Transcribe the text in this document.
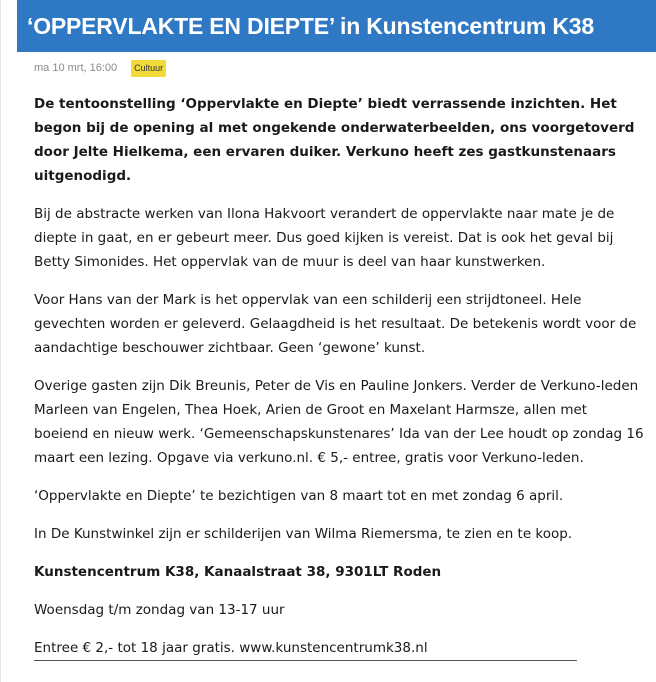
‘OPPERVLAKTE EN DIEPTE’ in Kunstencentrum K38
ma 10 mrt, 16:00	Cultuur

De tentoonstelling ‘Oppervlakte en Diepte’ biedt verrassende inzichten. Het begon bij de opening al met ongekende onderwaterbeelden, ons voorgetoverd door Jelte Hielkema, een ervaren duiker. Verkuno heeft zes gastkunstenaars uitgenodigd.

Bij de abstracte werken van Ilona Hakvoort verandert de oppervlakte naar mate je de diepte in gaat, en er gebeurt meer. Dus goed kijken is vereist. Dat is ook het geval bij Betty Simonides. Het oppervlak van de muur is deel van haar kunstwerken.

Voor Hans van der Mark is het oppervlak van een schilderij een strijdtoneel. Hele gevechten worden er geleverd. Gelaagdheid is het resultaat. De betekenis wordt voor de aandachtige beschouwer zichtbaar. Geen ‘gewone’ kunst.

Overige gasten zijn Dik Breunis, Peter de Vis en Pauline Jonkers. Verder de Verkuno-leden Marleen van Engelen, Thea Hoek, Arien de Groot en Maxelant Harmsze, allen met boeiend en nieuw werk. ‘Gemeenschapskunstenares’ Ida van der Lee houdt op zondag 16 maart een lezing. Opgave via verkuno.nl. € 5,- entree, gratis voor Verkuno-leden.

‘Oppervlakte en Diepte’ te bezichtigen van 8 maart tot en met zondag 6 april.

In De Kunstwinkel zijn er schilderijen van Wilma Riemersma, te zien en te koop.

Kunstencentrum K38, Kanaalstraat 38, 9301LT Roden

Woensdag t/m zondag van 13-17 uur

Entree € 2,- tot 18 jaar gratis. www.kunstencentrumk38.nl
